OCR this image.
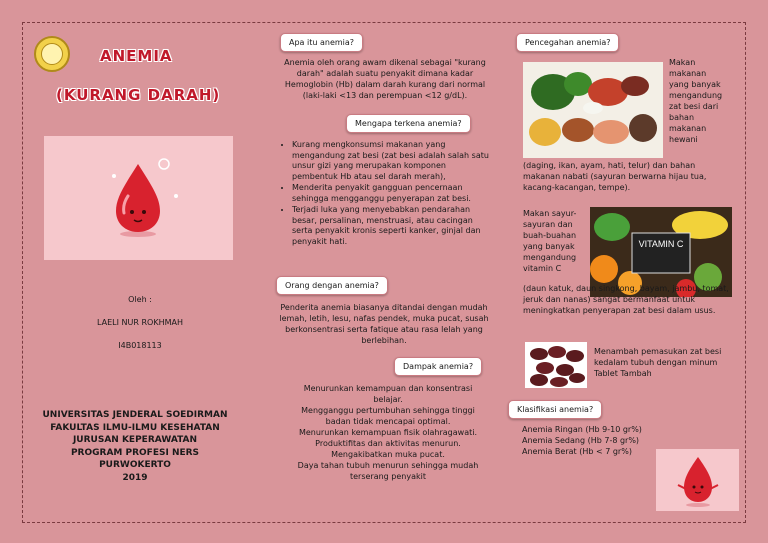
ANEMIA
(KURANG DARAH)
Oleh :
LAELI NUR ROKHMAH
I4B018113
UNIVERSITAS JENDERAL SOEDIRMAN
FAKULTAS ILMU-ILMU KESEHATAN
JURUSAN KEPERAWATAN
PROGRAM PROFESI NERS
PURWOKERTO
2019
Apa itu anemia?
Anemia oleh orang awam dikenal sebagai "kurang darah" adalah suatu penyakit dimana kadar Hemoglobin (Hb) dalam darah kurang dari normal (laki-laki <13 dan perempuan <12 g/dL).
Mengapa terkena anemia?
• Kurang mengkonsumsi makanan yang mengandung zat besi (zat besi adalah salah satu unsur gizi yang merupakan komponen pembentuk Hb atau sel darah merah),
• Menderita penyakit gangguan pencernaan sehingga mengganggu penyerapan zat besi.
• Terjadi luka yang menyebabkan pendarahan besar, persalinan, menstruasi, atau cacingan serta penyakit kronis seperti kanker, ginjal dan penyakit hati.
Orang dengan anemia?
Penderita anemia biasanya ditandai dengan mudah lemah, letih, lesu, nafas pendek, muka pucat, susah berkonsentrasi serta fatique atau rasa lelah yang berlebihan.
Dampak anemia?
Menurunkan kemampuan dan konsentrasi belajar.
Mengganggu pertumbuhan sehingga tinggi badan tidak mencapai optimal.
Menurunkan kemampuan fisik olahragawati.
Produktifitas dan aktivitas menurun.
Mengakibatkan muka pucat.
Daya tahan tubuh menurun sehingga mudah terserang penyakit
Pencegahan anemia?
Makan makanan yang banyak mengandung zat besi dari bahan makanan hewani
(daging, ikan, ayam, hati, telur) dan bahan makanan nabati (sayuran berwarna hijau tua, kacang-kacangan, tempe).
Makan sayur-sayuran dan buah-buahan yang banyak mengandung vitamin C
VITAMIN C
(daun katuk, daun singkong, bayam, jambu, tomat, jeruk dan nanas) sangat bermanfaat untuk meningkatkan penyerapan zat besi dalam usus.
Menambah pemasukan zat besi kedalam tubuh dengan minum Tablet Tambah
Klasifikasi anemia?
Anemia Ringan (Hb 9-10 gr%)
Anemia Sedang (Hb 7-8 gr%)
Anemia Berat (Hb < 7 gr%)
